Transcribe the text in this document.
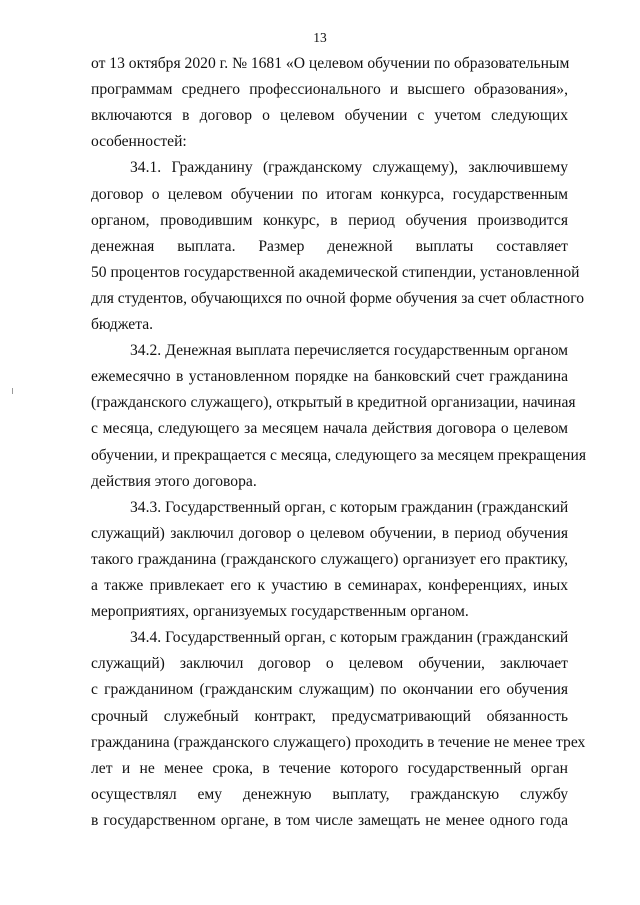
13
от 13 октября 2020 г. № 1681 «О целевом обучении по образовательным
программам среднего профессионального и высшего образования»,
включаются в договор о целевом обучении с учетом следующих
особенностей:
34.1. Гражданину (гражданскому служащему), заключившему
договор о целевом обучении по итогам конкурса, государственным
органом, проводившим конкурс, в период обучения производится
денежная выплата. Размер денежной выплаты составляет
50 процентов государственной академической стипендии, установленной
для студентов, обучающихся по очной форме обучения за счет областного
бюджета.
34.2. Денежная выплата перечисляется государственным органом
ежемесячно в установленном порядке на банковский счет гражданина
(гражданского служащего), открытый в кредитной организации, начиная
с месяца, следующего за месяцем начала действия договора о целевом
обучении, и прекращается с месяца, следующего за месяцем прекращения
действия этого договора.
34.3. Государственный орган, с которым гражданин (гражданский
служащий) заключил договор о целевом обучении, в период обучения
такого гражданина (гражданского служащего) организует его практику,
а также привлекает его к участию в семинарах, конференциях, иных
мероприятиях, организуемых государственным органом.
34.4. Государственный орган, с которым гражданин (гражданский
служащий) заключил договор о целевом обучении, заключает
с гражданином (гражданским служащим) по окончании его обучения
срочный служебный контракт, предусматривающий обязанность
гражданина (гражданского служащего) проходить в течение не менее трех
лет и не менее срока, в течение которого государственный орган
осуществлял ему денежную выплату, гражданскую службу
в государственном органе, в том числе замещать не менее одного года
